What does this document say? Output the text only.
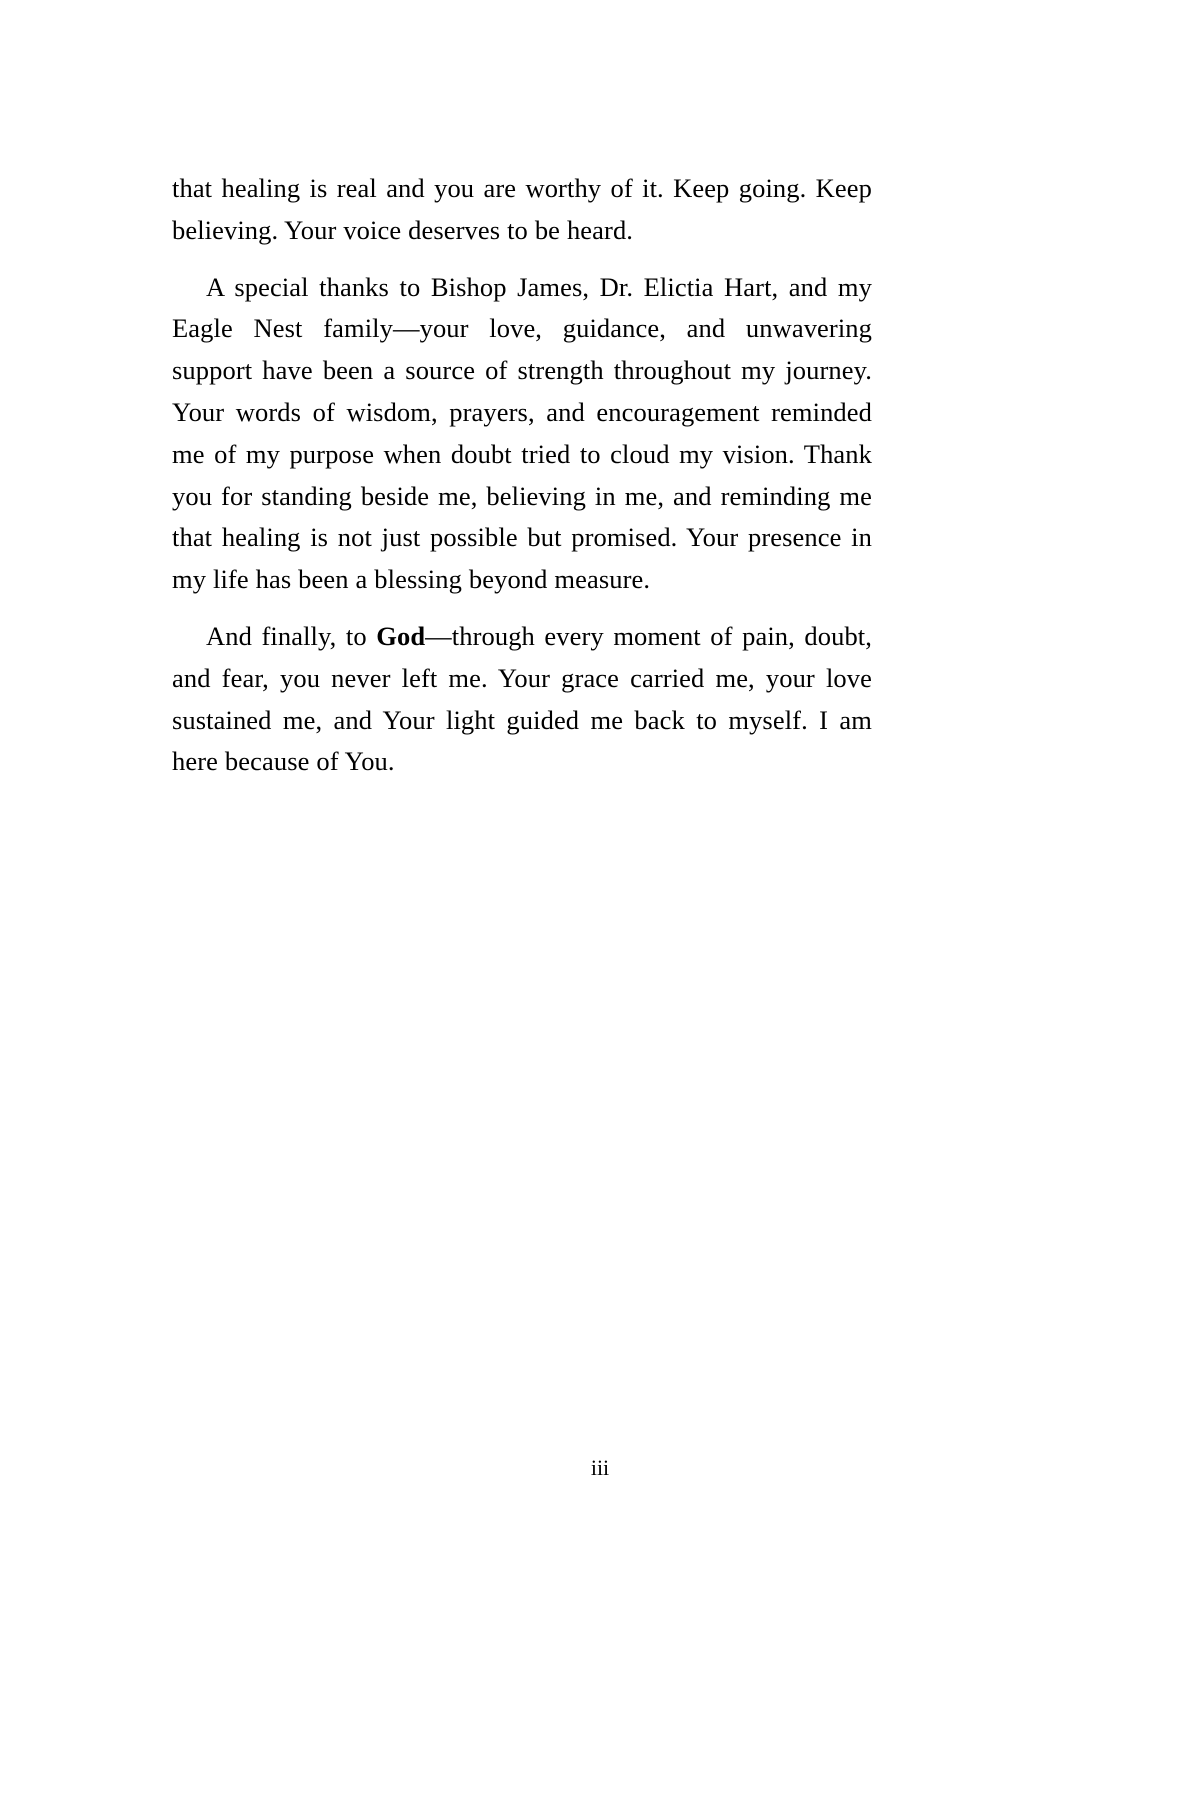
that healing is real and you are worthy of it. Keep going. Keep believing. Your voice deserves to be heard.

A special thanks to Bishop James, Dr. Elictia Hart, and my Eagle Nest family—your love, guidance, and unwavering support have been a source of strength throughout my journey. Your words of wisdom, prayers, and encouragement reminded me of my purpose when doubt tried to cloud my vision. Thank you for standing beside me, believing in me, and reminding me that healing is not just possible but promised. Your presence in my life has been a blessing beyond measure.

And finally, to God—through every moment of pain, doubt, and fear, you never left me. Your grace carried me, your love sustained me, and Your light guided me back to myself. I am here because of You.

iii
